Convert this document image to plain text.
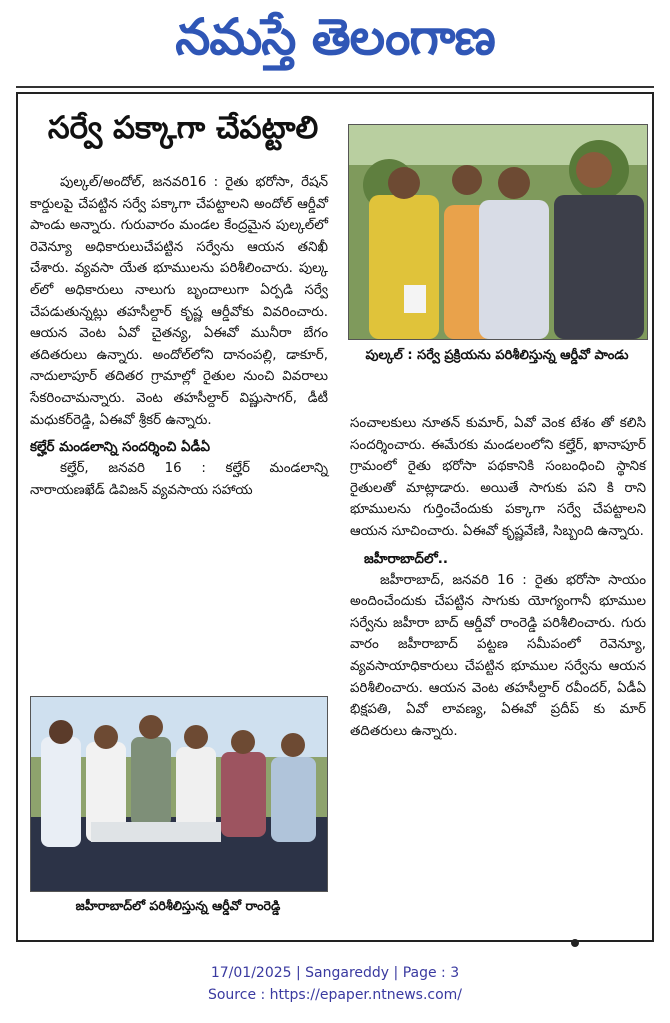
నమస్తే తెలంగాణ
సర్వే పక్కాగా చేపట్టాలి

పుల్కల్/అందోల్, జనవరి16 : రైతు భరోసా, రేషన్ కార్డులపై చేపట్టిన సర్వే పక్కాగా చేపట్టాలని అందోల్ ఆర్డీవో పాండు అన్నారు. గురువారం మండల కేంద్రమైన పుల్కల్‌లో రెవెన్యూ అధికారులుచేపట్టిన సర్వేను ఆయన తనిఖీ చేశారు. వ్యవసా యేత భూములను పరిశీలించారు. పుల్క ల్‌లో అధికారులు నాలుగు బృందాలుగా ఏర్పడి సర్వే చేపడుతున్నట్లు తహసీల్దార్ కృష్ణ ఆర్డీవోకు వివరించారు. ఆయన వెంట ఏవో చైతన్య, ఏఈవో మునీరా బేగం తదితరులు ఉన్నారు. అందోల్‌లోని దానంపల్లి, డాకూర్, నాదులాపూర్ తదితర గ్రామాల్లో రైతుల నుంచి వివరాలు సేకరించామన్నారు. వెంట తహసీల్దార్ విష్ణుసాగర్, డీటీ మధుకర్‌రెడ్డి, ఏఈవో శ్రీకర్ ఉన్నారు.

కల్హేర్ మండలాన్ని సందర్శించి ఏడీఏ

కల్హేర్, జనవరి 16 : కల్హేర్ మండలాన్ని నారాయణఖేడ్ డివిజన్ వ్యవసాయ సహాయ

పుల్కల్ : సర్వే ప్రక్రియను పరిశీలిస్తున్న ఆర్డీవో పాండు

సంచాలకులు నూతన్ కుమార్, ఏవో వెంక టేశం తో కలిసి సందర్శించారు. ఈమేరకు మండలంలోని కల్హేర్, ఖానాపూర్ గ్రామంలో రైతు భరోసా పథకానికి సంబంధించి స్థానిక రైతులతో మాట్లాడారు. అయితే సాగుకు పని కి రాని భూములను గుర్తించేందుకు పక్కాగా సర్వే చేపట్టాలని ఆయన సూచించారు. ఏఈవో కృష్ణవేణి, సిబ్బంది ఉన్నారు.

జహీరాబాద్‌లో..

జహీరాబాద్, జనవరి 16 : రైతు భరోసా సాయం అందించేందుకు చేపట్టిన సాగుకు యోగ్యంగానీ భూముల సర్వేను జహీరా బాద్ ఆర్డీవో రాంరెడ్డి పరిశీలించారు. గురు వారం జహీరాబాద్ పట్టణ సమీపంలో రెవెన్యూ, వ్యవసాయాధికారులు చేపట్టిన భూముల సర్వేను ఆయన పరిశీలించారు. ఆయన వెంట తహసీల్దార్ రవీందర్, ఏడీఏ భిక్షపతి, ఏవో లావణ్య, ఏఈవో ప్రదీప్ కు మార్ తదితరులు ఉన్నారు.

జహీరాబాద్‌లో పరిశీలిస్తున్న ఆర్డీవో రాంరెడ్డి
17/01/2025 | Sangareddy | Page : 3
Source : https://epaper.ntnews.com/
